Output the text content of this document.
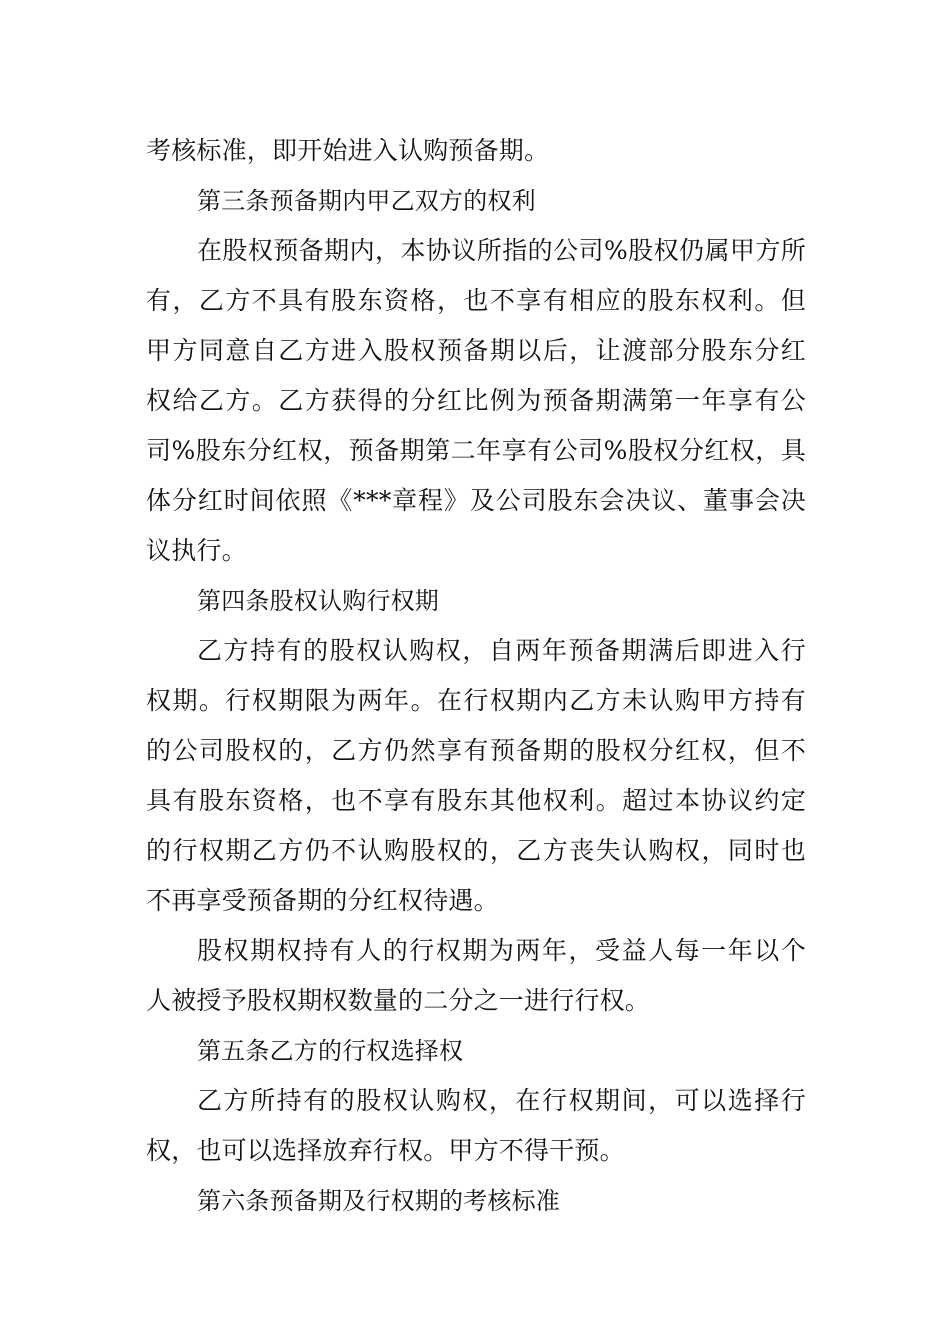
考核标准，即开始进入认购预备期。
第三条预备期内甲乙双方的权利
在股权预备期内，本协议所指的公司%股权仍属甲方所
有，乙方不具有股东资格，也不享有相应的股东权利。但
甲方同意自乙方进入股权预备期以后，让渡部分股东分红
权给乙方。乙方获得的分红比例为预备期满第一年享有公
司%股东分红权，预备期第二年享有公司%股权分红权，具
体分红时间依照《***章程》及公司股东会决议、董事会决
议执行。
第四条股权认购行权期
乙方持有的股权认购权，自两年预备期满后即进入行
权期。行权期限为两年。在行权期内乙方未认购甲方持有
的公司股权的，乙方仍然享有预备期的股权分红权，但不
具有股东资格，也不享有股东其他权利。超过本协议约定
的行权期乙方仍不认购股权的，乙方丧失认购权，同时也
不再享受预备期的分红权待遇。
股权期权持有人的行权期为两年，受益人每一年以个
人被授予股权期权数量的二分之一进行行权。
第五条乙方的行权选择权
乙方所持有的股权认购权，在行权期间，可以选择行
权，也可以选择放弃行权。甲方不得干预。
第六条预备期及行权期的考核标准
